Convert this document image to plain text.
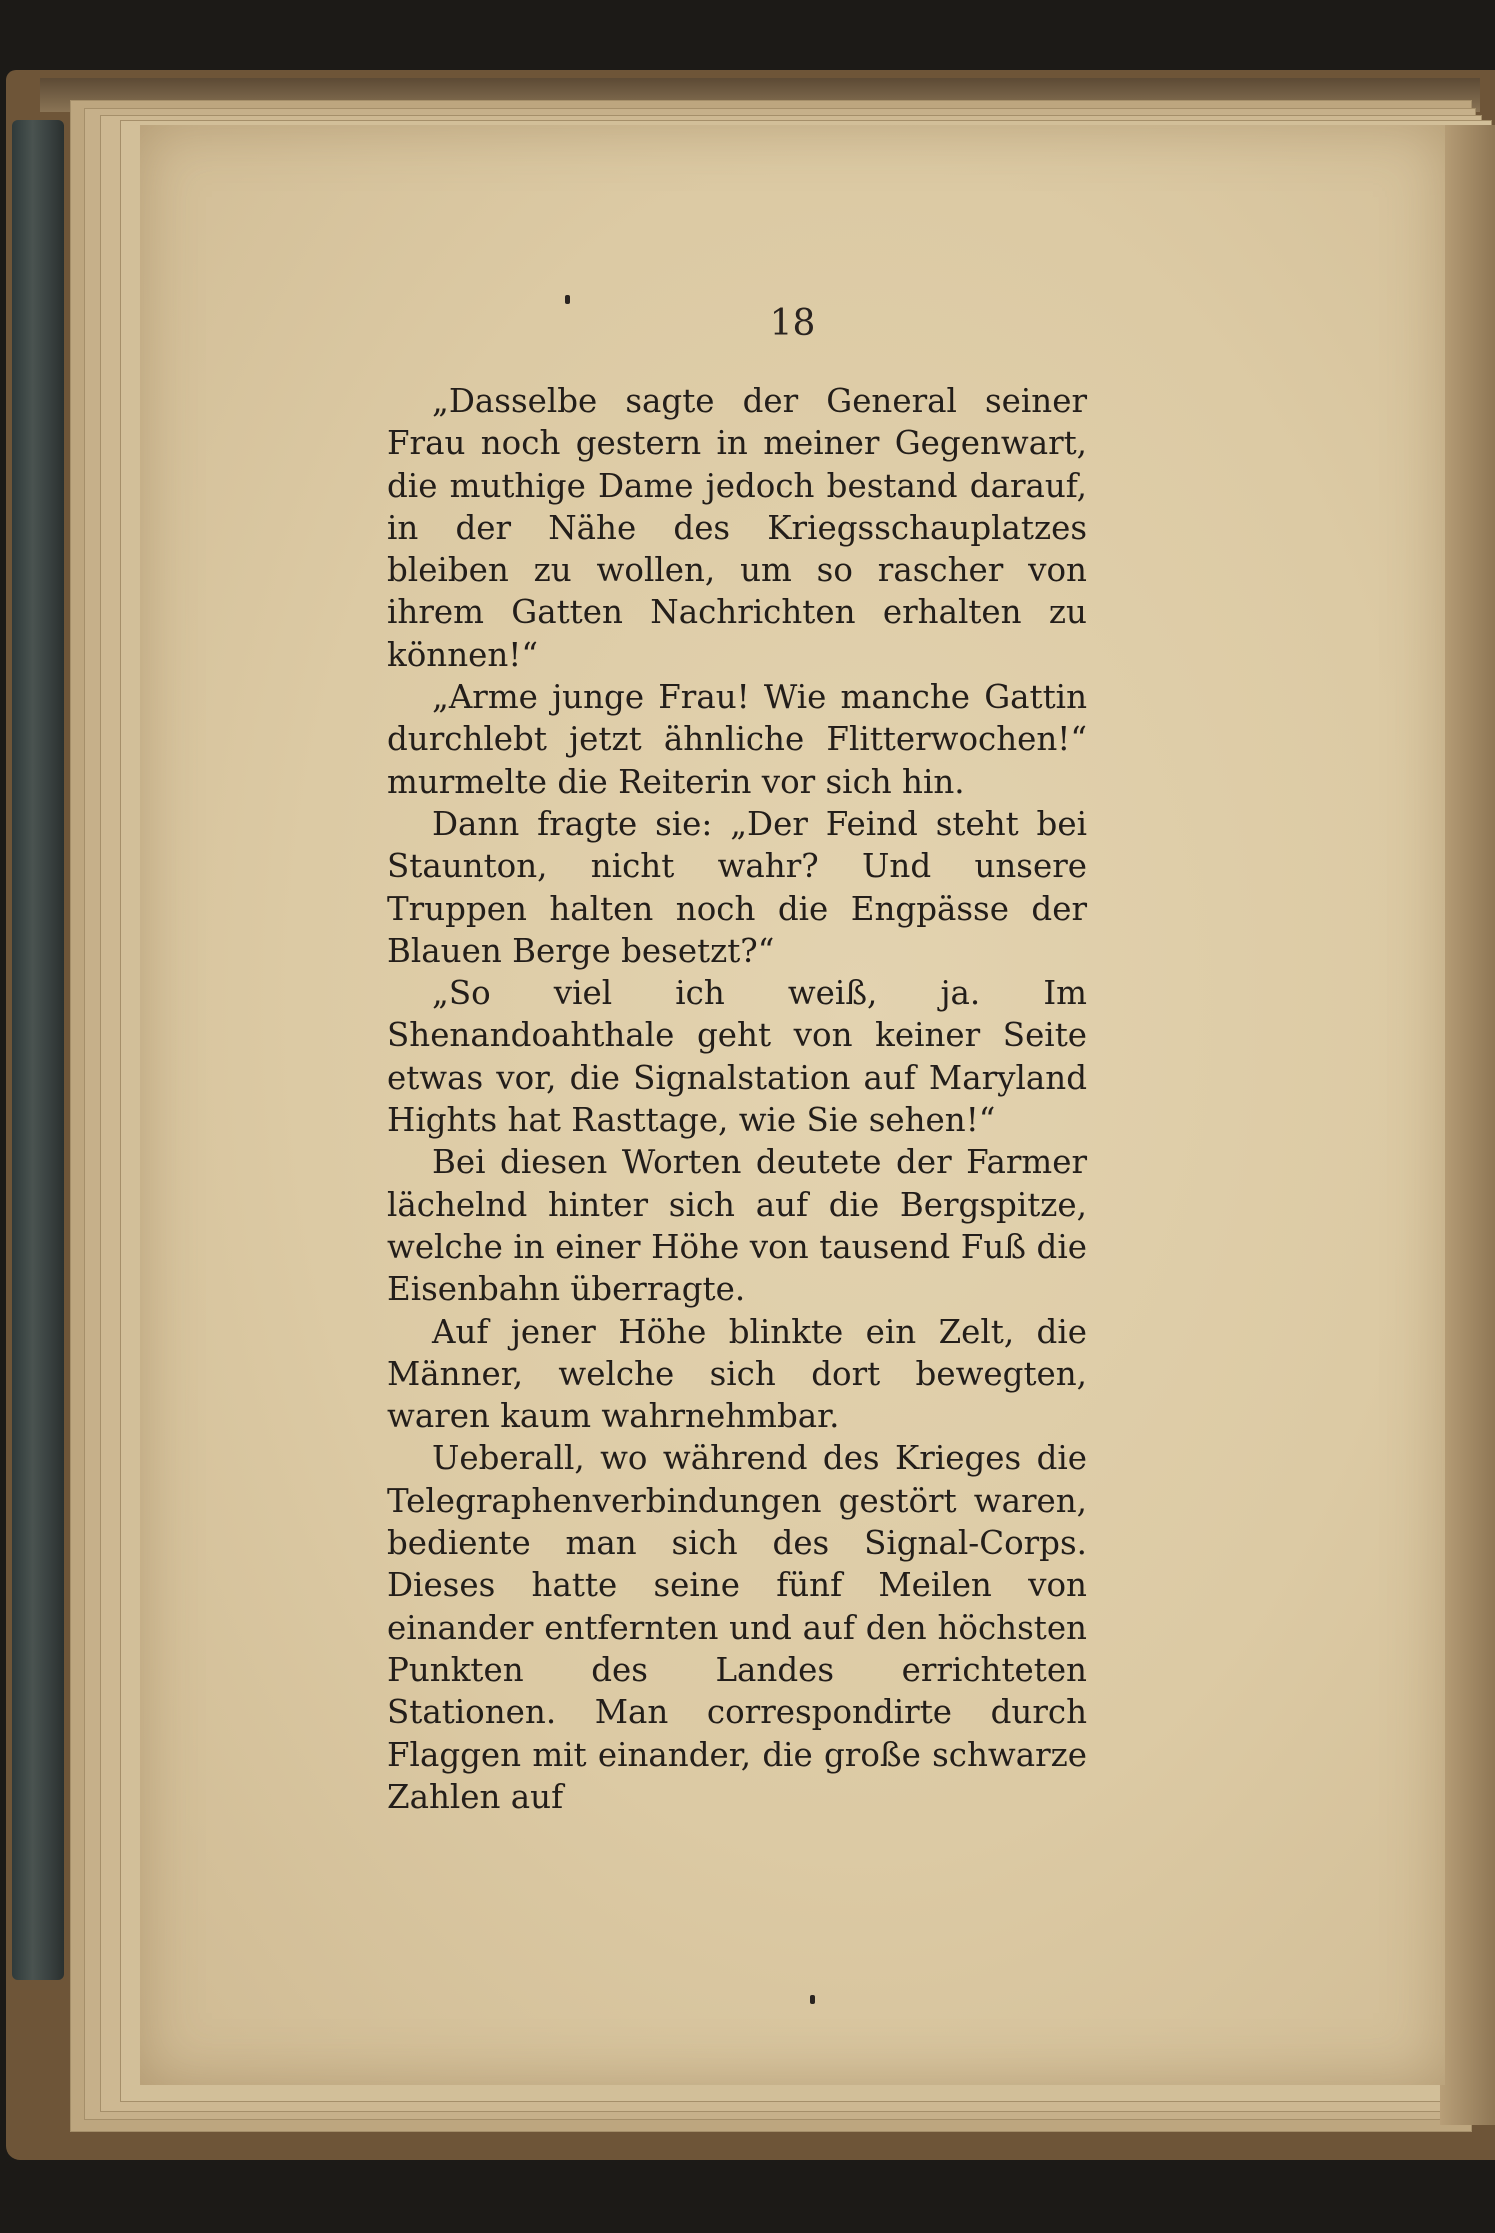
18

„Dasselbe sagte der General seiner Frau noch gestern in meiner Gegenwart, die muthige Dame jedoch bestand darauf, in der Nähe des Kriegsschauplatzes bleiben zu wollen, um so rascher von ihrem Gatten Nachrichten erhalten zu können!“

„Arme junge Frau! Wie manche Gattin durchlebt jetzt ähnliche Flitterwochen!“ murmelte die Reiterin vor sich hin.

Dann fragte sie: „Der Feind steht bei Staunton, nicht wahr? Und unsere Truppen halten noch die Engpässe der Blauen Berge besetzt?“

„So viel ich weiß, ja. Im Shenandoahthale geht von keiner Seite etwas vor, die Signalstation auf Maryland Hights hat Rasttage, wie Sie sehen!“

Bei diesen Worten deutete der Farmer lächelnd hinter sich auf die Bergspitze, welche in einer Höhe von tausend Fuß die Eisenbahn überragte.

Auf jener Höhe blinkte ein Zelt, die Männer, welche sich dort bewegten, waren kaum wahrnehmbar.

Ueberall, wo während des Krieges die Telegraphenverbindungen gestört waren, bediente man sich des Signal-Corps. Dieses hatte seine fünf Meilen von einander entfernten und auf den höchsten Punkten des Landes errichteten Stationen. Man correspondirte durch Flaggen mit einander, die große schwarze Zahlen auf
